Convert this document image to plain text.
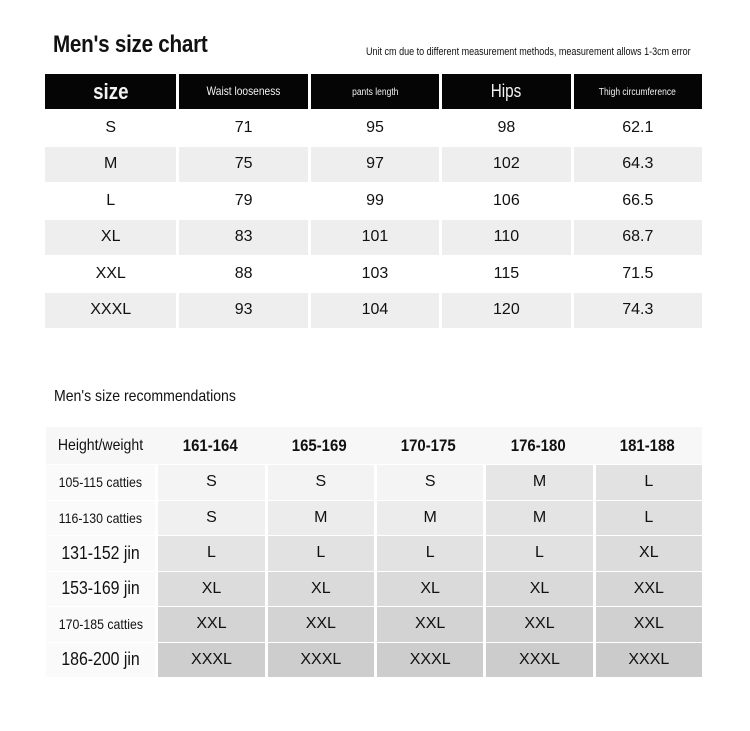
Men's size chart	Unit cm due to different measurement methods, measurement allows 1-3cm error
size	Waist looseness	pants length	Hips	Thigh circumference
S	71	95	98	62.1
M	75	97	102	64.3
L	79	99	106	66.5
XL	83	101	110	68.7
XXL	88	103	115	71.5
XXXL	93	104	120	74.3
Men's size recommendations
Height/weight	161-164	165-169	170-175	176-180	181-188
105-115 catties	S	S	S	M	L
116-130 catties	S	M	M	M	L
131-152 jin	L	L	L	L	XL
153-169 jin	XL	XL	XL	XL	XXL
170-185 catties	XXL	XXL	XXL	XXL	XXL
186-200 jin	XXXL	XXXL	XXXL	XXXL	XXXL
